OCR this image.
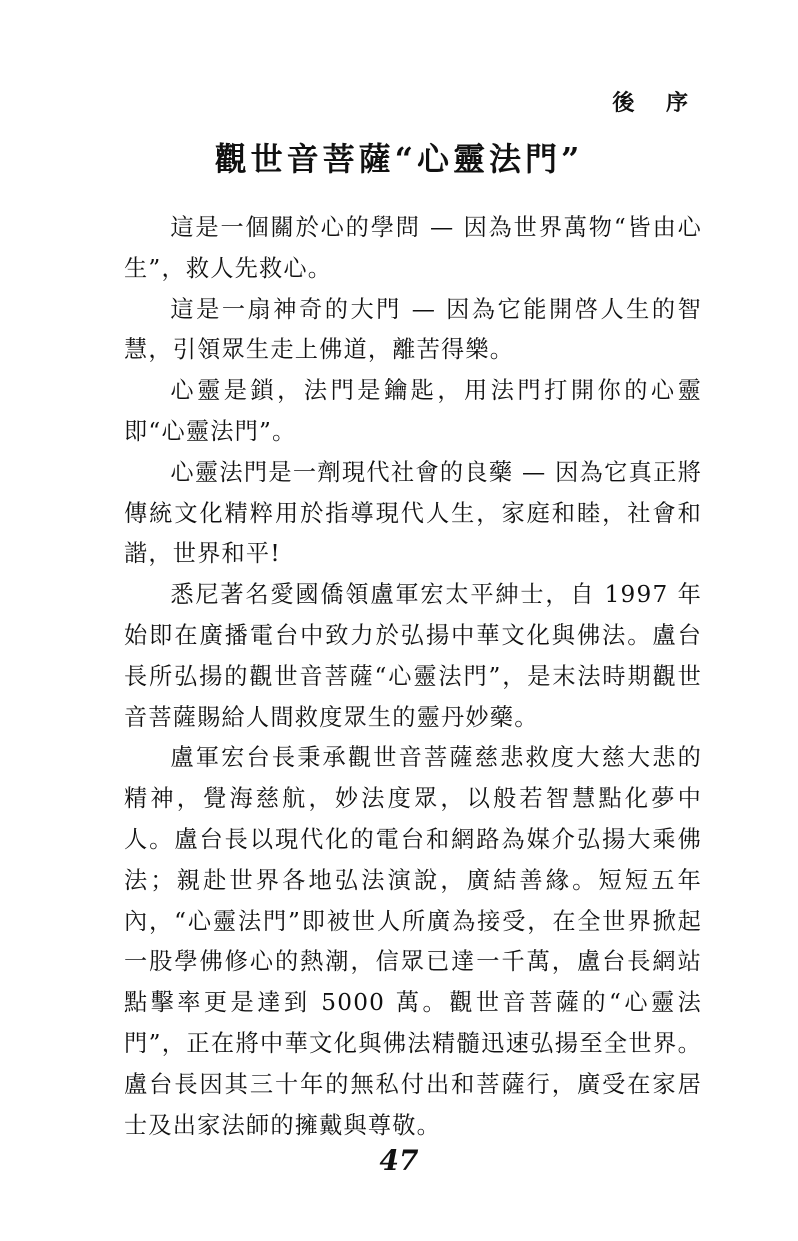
後 序
觀世音菩薩“心靈法門”

這是一個關於心的學問 — 因為世界萬物“皆由心生”，救人先救心。

這是一扇神奇的大門 — 因為它能開啓人生的智慧，引領眾生走上佛道，離苦得樂。

心靈是鎖，法門是鑰匙，用法門打開你的心靈即“心靈法門”。

心靈法門是一劑現代社會的良藥 — 因為它真正將傳統文化精粹用於指導現代人生，家庭和睦，社會和諧，世界和平!

悉尼著名愛國僑領盧軍宏太平紳士，自 1997 年始即在廣播電台中致力於弘揚中華文化與佛法。盧台長所弘揚的觀世音菩薩“心靈法門”，是末法時期觀世音菩薩賜給人間救度眾生的靈丹妙藥。

盧軍宏台長秉承觀世音菩薩慈悲救度大慈大悲的精神，覺海慈航，妙法度眾，以般若智慧點化夢中人。盧台長以現代化的電台和網路為媒介弘揚大乘佛法；親赴世界各地弘法演說，廣結善緣。短短五年內，“心靈法門”即被世人所廣為接受，在全世界掀起一股學佛修心的熱潮，信眾已達一千萬，盧台長網站點擊率更是達到 5000 萬。觀世音菩薩的“心靈法門”，正在將中華文化與佛法精髓迅速弘揚至全世界。盧台長因其三十年的無私付出和菩薩行，廣受在家居士及出家法師的擁戴與尊敬。

47
